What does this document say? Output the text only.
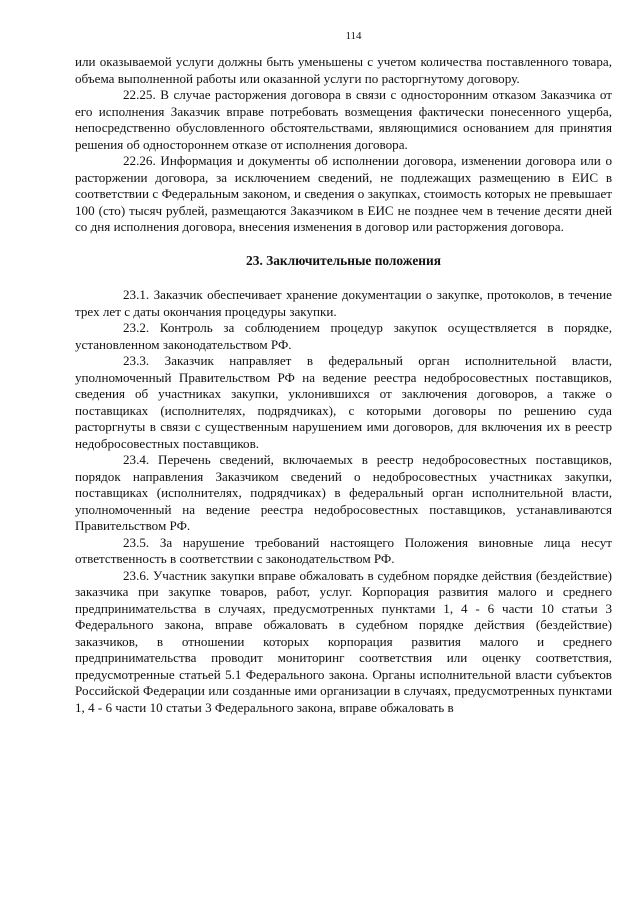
114

или оказываемой услуги должны быть уменьшены с учетом количества поставленного товара, объема выполненной работы или оказанной услуги по расторгнутому договору.

22.25. В случае расторжения договора в связи с односторонним отказом Заказчика от его исполнения Заказчик вправе потребовать возмещения фактически понесенного ущерба, непосредственно обусловленного обстоятельствами, являющимися основанием для принятия решения об одностороннем отказе от исполнения договора.

22.26. Информация и документы об исполнении договора, изменении договора или о расторжении договора, за исключением сведений, не подлежащих размещению в ЕИС в соответствии с Федеральным законом, и сведения о закупках, стоимость которых не превышает 100 (сто) тысяч рублей, размещаются Заказчиком в ЕИС не позднее чем в течение десяти дней со дня исполнения договора, внесения изменения в договор или расторжения договора.

23. Заключительные положения

23.1. Заказчик обеспечивает хранение документации о закупке, протоколов, в течение трех лет с даты окончания процедуры закупки.

23.2. Контроль за соблюдением процедур закупок осуществляется в порядке, установленном законодательством РФ.

23.3. Заказчик направляет в федеральный орган исполнительной власти, уполномоченный Правительством РФ на ведение реестра недобросовестных поставщиков, сведения об участниках закупки, уклонившихся от заключения договоров, а также о поставщиках (исполнителях, подрядчиках), с которыми договоры по решению суда расторгнуты в связи с существенным нарушением ими договоров, для включения их в реестр недобросовестных поставщиков.

23.4. Перечень сведений, включаемых в реестр недобросовестных поставщиков, порядок направления Заказчиком сведений о недобросовестных участниках закупки, поставщиках (исполнителях, подрядчиках) в федеральный орган исполнительной власти, уполномоченный на ведение реестра недобросовестных поставщиков, устанавливаются Правительством РФ.

23.5. За нарушение требований настоящего Положения виновные лица несут ответственность в соответствии с законодательством РФ.

23.6. Участник закупки вправе обжаловать в судебном порядке действия (бездействие) заказчика при закупке товаров, работ, услуг. Корпорация развития малого и среднего предпринимательства в случаях, предусмотренных пунктами 1, 4 - 6 части 10 статьи 3 Федерального закона, вправе обжаловать в судебном порядке действия (бездействие) заказчиков, в отношении которых корпорация развития малого и среднего предпринимательства проводит мониторинг соответствия или оценку соответствия, предусмотренные статьей 5.1 Федерального закона. Органы исполнительной власти субъектов Российской Федерации или созданные ими организации в случаях, предусмотренных пунктами 1, 4 - 6 части 10 статьи 3 Федерального закона, вправе обжаловать в
